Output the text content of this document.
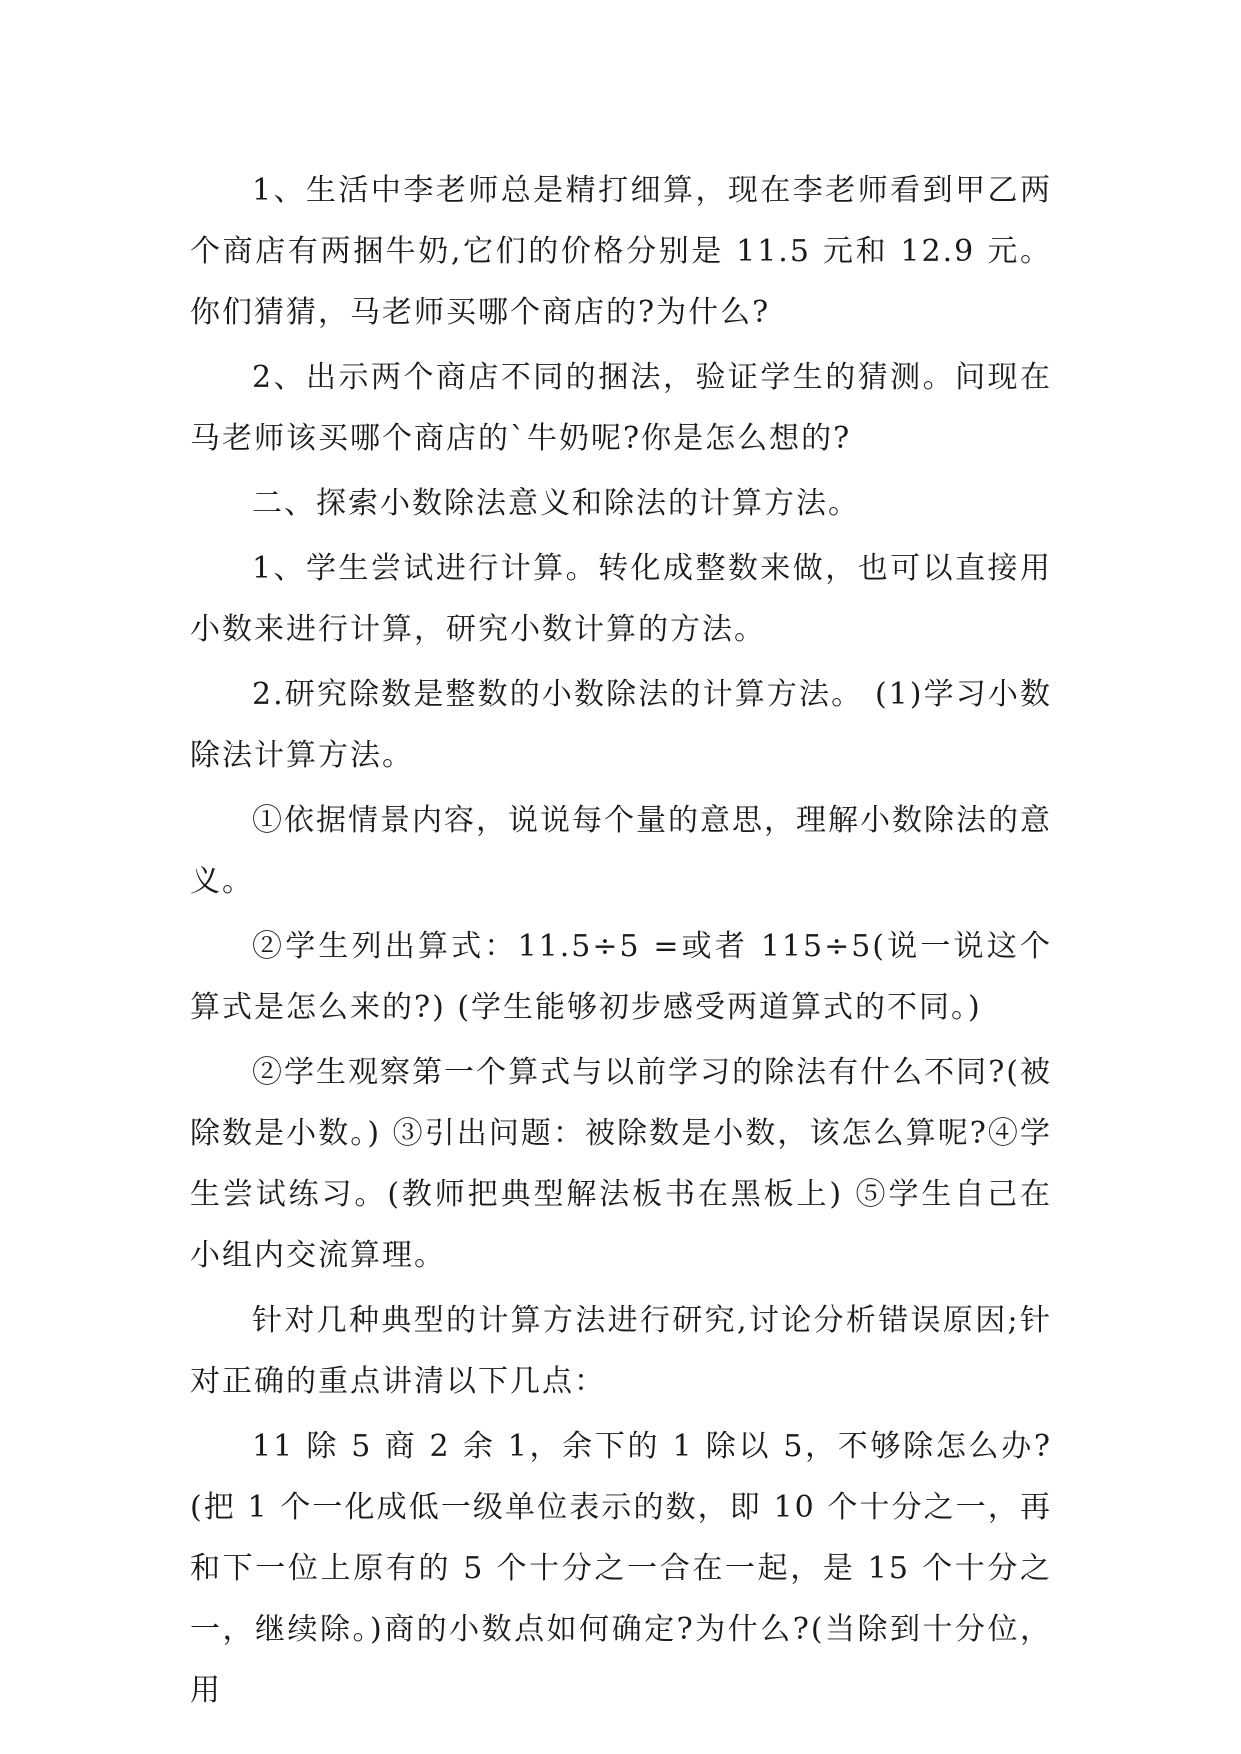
1、生活中李老师总是精打细算，现在李老师看到甲乙两个商店有两捆牛奶,它们的价格分别是 11.5 元和 12.9 元。你们猜猜，马老师买哪个商店的?为什么?

2、出示两个商店不同的捆法，验证学生的猜测。问现在马老师该买哪个商店的`牛奶呢?你是怎么想的?

二、探索小数除法意义和除法的计算方法。

1、学生尝试进行计算。转化成整数来做，也可以直接用小数来进行计算，研究小数计算的方法。

2.研究除数是整数的小数除法的计算方法。 (1)学习小数除法计算方法。

①依据情景内容，说说每个量的意思，理解小数除法的意义。

②学生列出算式：11.5÷5 =或者 115÷5(说一说这个算式是怎么来的?) (学生能够初步感受两道算式的不同。)

②学生观察第一个算式与以前学习的除法有什么不同?(被除数是小数。) ③引出问题：被除数是小数，该怎么算呢?④学生尝试练习。(教师把典型解法板书在黑板上) ⑤学生自己在小组内交流算理。

针对几种典型的计算方法进行研究,讨论分析错误原因;针对正确的重点讲清以下几点：

11 除 5 商 2 余 1，余下的 1 除以 5，不够除怎么办?(把 1 个一化成低一级单位表示的数，即 10 个十分之一，再和下一位上原有的 5 个十分之一合在一起，是 15 个十分之一，继续除。)商的小数点如何确定?为什么?(当除到十分位，用
